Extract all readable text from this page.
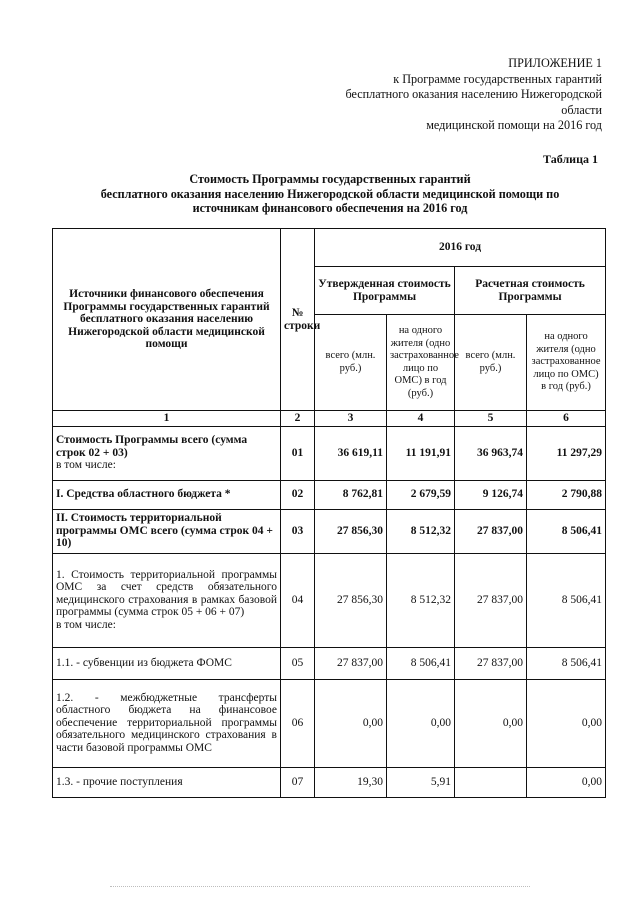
ПРИЛОЖЕНИЕ 1
к Программе государственных гарантий
бесплатного оказания населению Нижегородской
области
медицинской помощи на 2016 год
Таблица 1
Стоимость Программы государственных гарантий
бесплатного оказания населению Нижегородской области медицинской помощи по
источникам финансового обеспечения на 2016 год
Источники финансового обеспечения Программы государственных гарантий бесплатного оказания населению Нижегородской области медицинской помощи	№ строки	2016 год			
		Утвержденная стоимость Программы		Расчетная стоимость Программы	
		всего (млн. руб.)	на одного жителя (одно застрахованное лицо по ОМС) в год (руб.)	всего (млн. руб.)	на одного жителя (одно застрахованное лицо по ОМС) в год (руб.)
1	2	3	4	5	6

Стоимость Программы всего (сумма строк 02 + 03)
в том числе:	01	36 619,11	11 191,91	36 963,74	11 297,29
I. Средства областного бюджета *	02	8 762,81	2 679,59	9 126,74	2 790,88
II. Стоимость территориальной программы ОМС всего (сумма строк 04 + 10)	03	27 856,30	8 512,32	27 837,00	8 506,41

1. Стоимость территориальной программы ОМС за счет средств обязательного медицинского страхования в рамках базовой программы (сумма строк 05 + 06 + 07)
в том числе:	04	27 856,30	8 512,32	27 837,00	8 506,41
1.1. - субвенции из бюджета ФОМС	05	27 837,00	8 506,41	27 837,00	8 506,41
1.2. - межбюджетные трансферты областного бюджета на финансовое обеспечение территориальной программы обязательного медицинского страхования в части базовой программы ОМС	06	0,00	0,00	0,00	0,00
1.3. - прочие поступления	07	19,30	5,91		0,00
